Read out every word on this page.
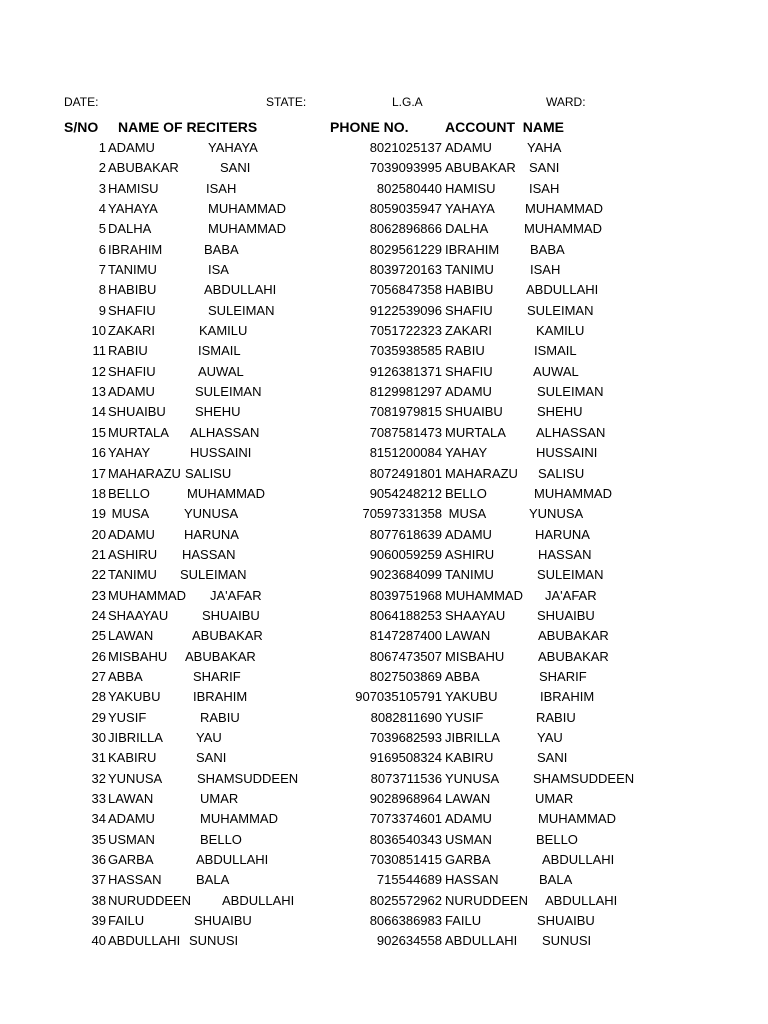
DATE:	STATE:	L.G.A	WARD:
S/NO NAME OF RECITERS	PHONE NO.	ACCOUNT  NAME
1 ADAMU	YAHAYA	8021025137 ADAMU	YAHA
2 ABUBAKAR	SANI	7039093995 ABUBAKAR SANI
3 HAMISU	ISAH	802580440 HAMISU	ISAH
4 YAHAYA	MUHAMMAD	8059035947 YAHAYA MUHAMMAD
5 DALHA	MUHAMMAD	8062896866 DALHA	MUHAMMAD
6 IBRAHIM	BABA	8029561229 IBRAHIM BABA
7 TANIMU	ISA	8039720163 TANIMU	ISAH
8 HABIBU	ABDULLAHI	7056847358 HABIBU	ABDULLAHI
9 SHAFIU	SULEIMAN	9122539096 SHAFIU	SULEIMAN
10 ZAKARI	KAMILU	7051722323 ZAKARI	KAMILU
11 RABIU	ISMAIL	7035938585 RABIU	ISMAIL
12 SHAFIU	AUWAL	9126381371 SHAFIU	AUWAL
13 ADAMU	SULEIMAN	8129981297 ADAMU	SULEIMAN
14 SHUAIBU SHEHU	7081979815 SHUAIBU	SHEHU
15 MURTALA ALHASSAN	7087581473 MURTALA ALHASSAN
16 YAHAY	HUSSAINI	8151200084 YAHAY	HUSSAINI
17 MAHARAZU SALISU	8072491801 MAHARAZU SALISU
18 BELLO	MUHAMMAD	9054248212 BELLO	MUHAMMAD
19 MUSA	YUNUSA	70597331358 MUSA	YUNUSA
20 ADAMU HARUNA	8077618639 ADAMU	HARUNA
21 ASHIRU HASSAN	9060059259 ASHIRU	HASSAN
22 TANIMU SULEIMAN	9023684099 TANIMU	SULEIMAN
23 MUHAMMAD JA'AFAR	8039751968 MUHAMMAD JA'AFAR
24 SHAAYAU	SHUAIBU	8064188253 SHAAYAU SHUAIBU
25 LAWAN	ABUBAKAR	8147287400 LAWAN	ABUBAKAR
26 MISBAHU ABUBAKAR	8067473507 MISBAHU	ABUBAKAR
27 ABBA	SHARIF	8027503869 ABBA	SHARIF
28 YAKUBU	IBRAHIM	907035105791 YAKUBU	IBRAHIM
29 YUSIF	RABIU	8082811690 YUSIF	RABIU
30 JIBRILLA	YAU	7039682593 JIBRILLA	YAU
31 KABIRU	SANI	9169508324 KABIRU	SANI
32 YUNUSA	SHAMSUDDEEN	8073711536 YUNUSA	SHAMSUDDEEN
33 LAWAN	UMAR	9028968964 LAWAN	UMAR
34 ADAMU	MUHAMMAD	7073374601 ADAMU	MUHAMMAD
35 USMAN	BELLO	8036540343 USMAN	BELLO
36 GARBA	ABDULLAHI	7030851415 GARBA	ABDULLAHI
37 HASSAN	BALA	715544689 HASSAN	BALA
38 NURUDDEEN ABDULLAHI	8025572962 NURUDDEEN ABDULLAHI
39 FAILU	SHUAIBU	8066386983 FAILU	SHUAIBU
40 ABDULLAHI SUNUSI	902634558 ABDULLAHI SUNUSI
